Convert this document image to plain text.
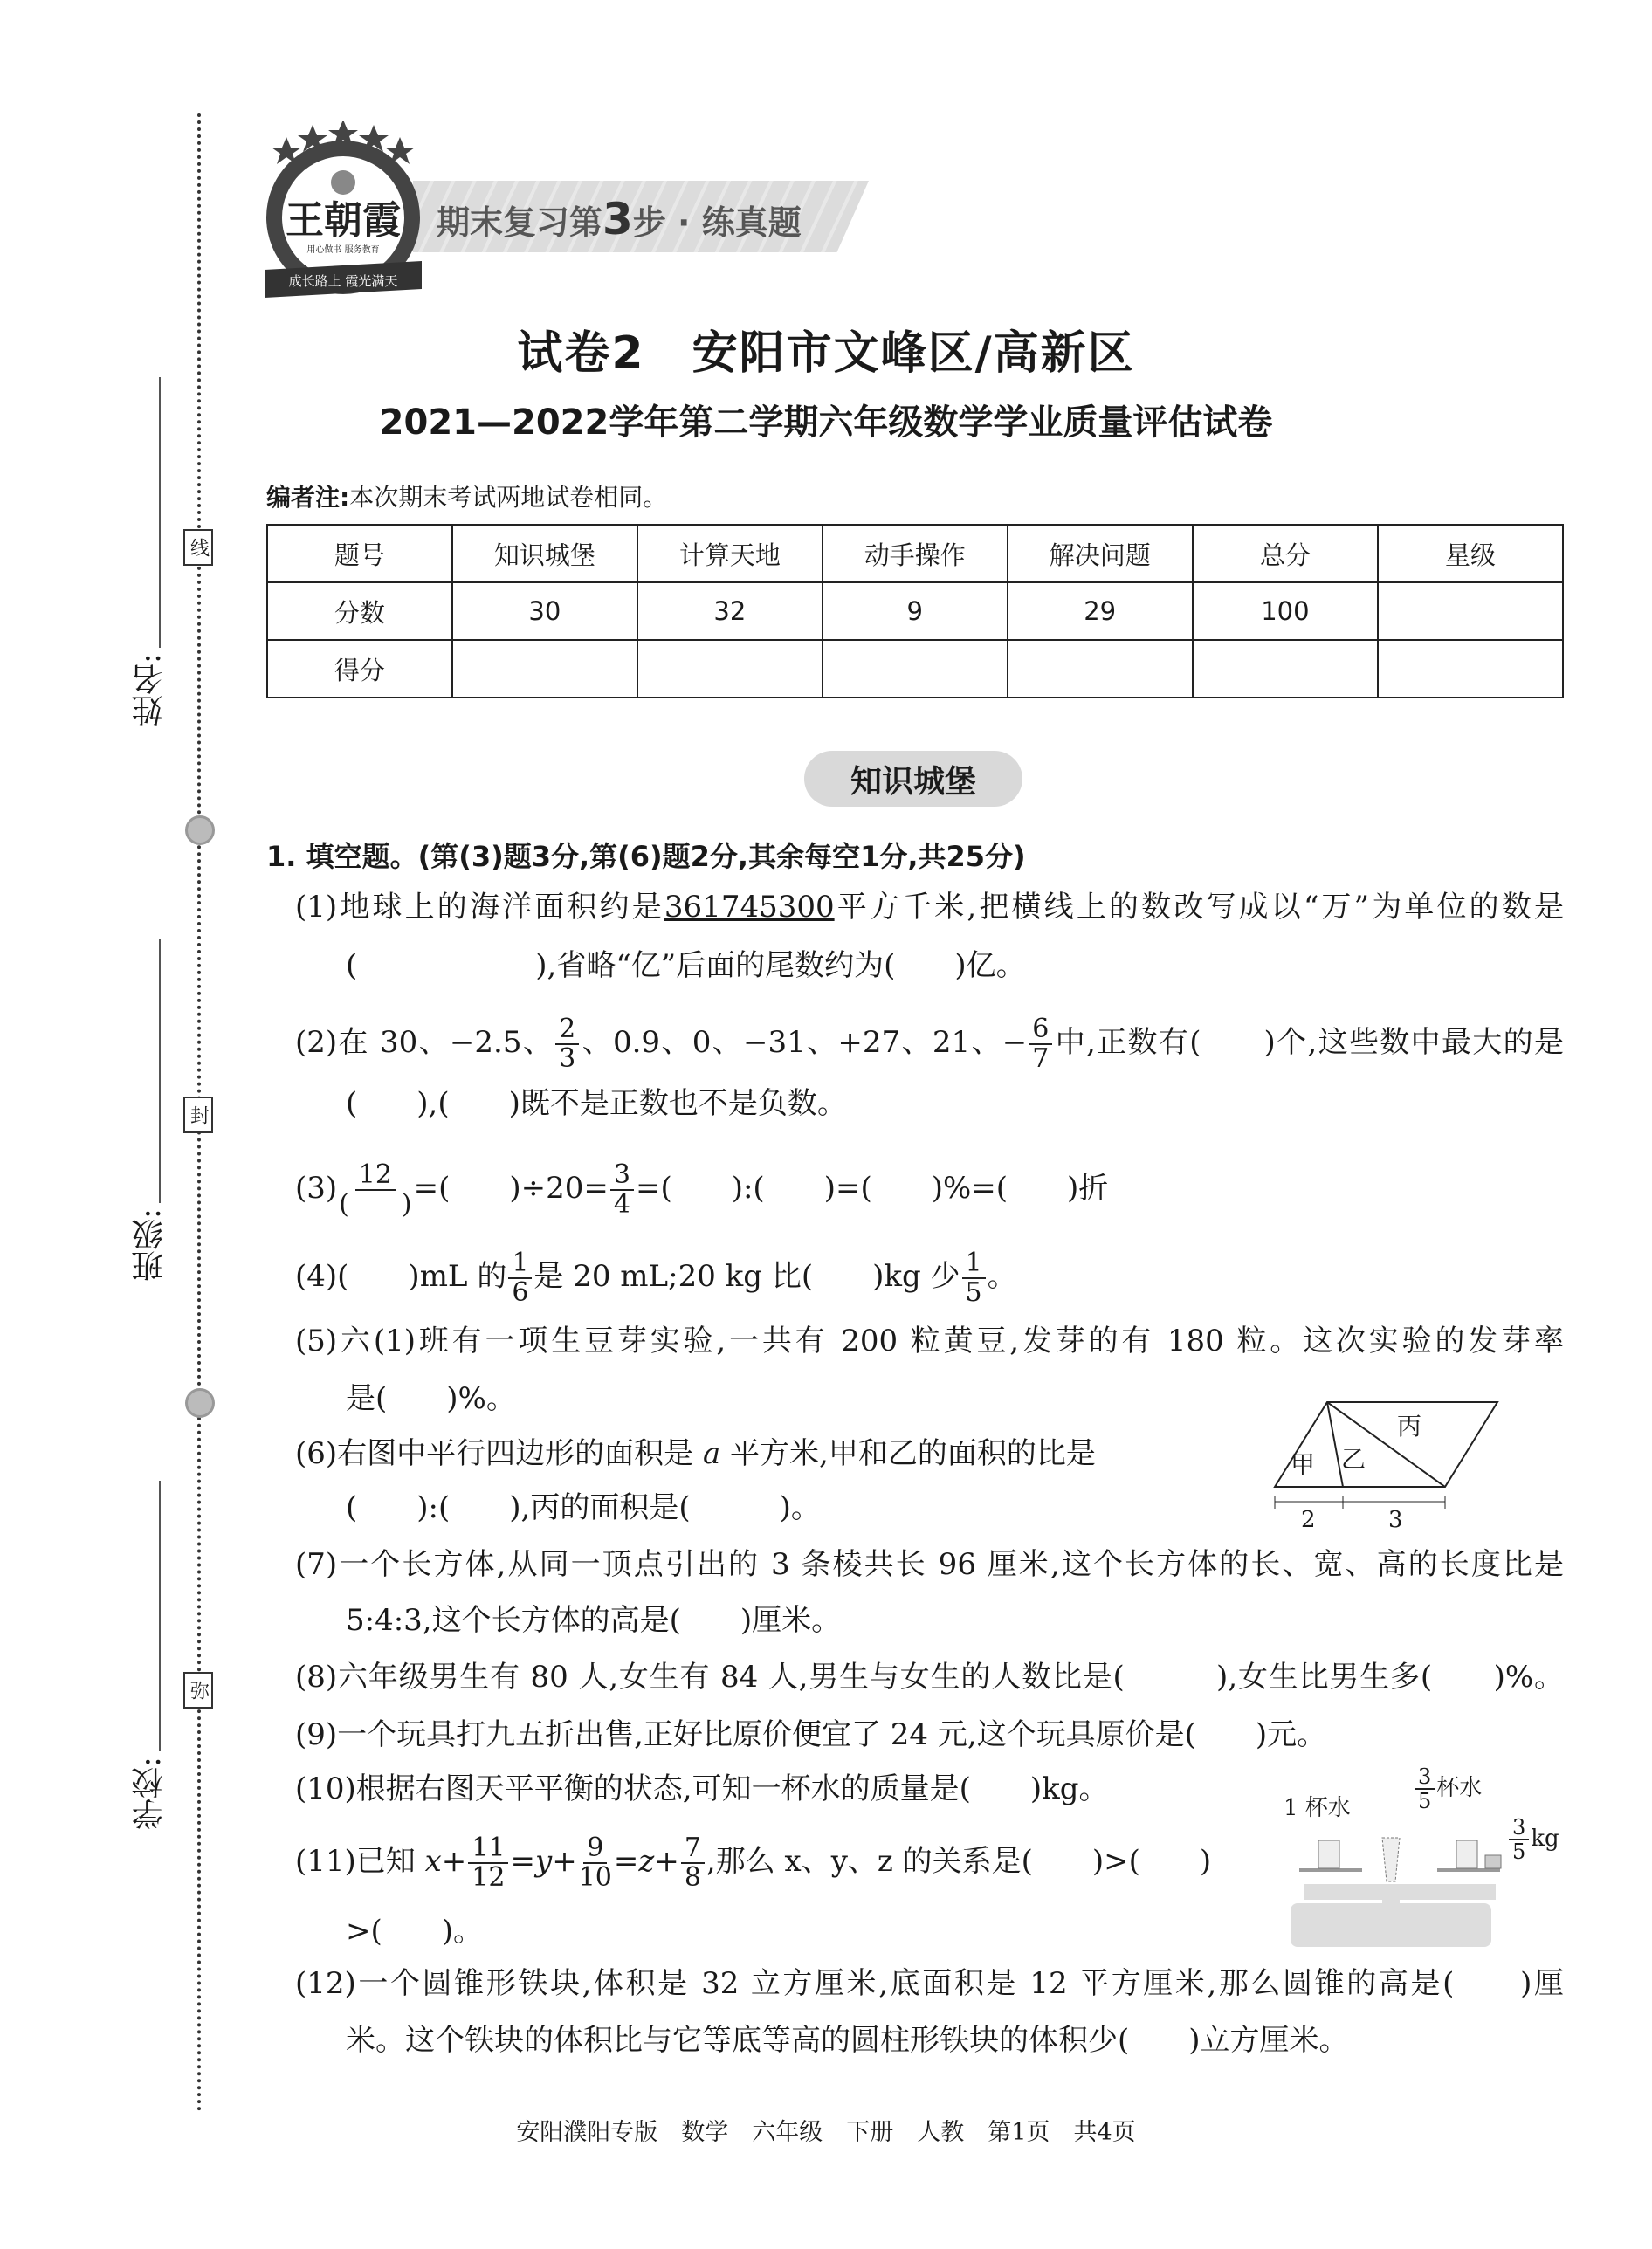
姓名:
班级:
学校:
线
封
弥
期末复习第3步 · 练真题
王朝霞
用心做书 服务教育
成长路上 霞光满天
试卷2　安阳市文峰区/高新区
2021—2022学年第二学期六年级数学学业质量评估试卷
编者注:本次期末考试两地试卷相同。
题号	知识城堡	计算天地	动手操作	解决问题	总分	星级
分数	30	32	9	29	100	
得分						
知识城堡
1. 填空题。(第(3)题3分,第(6)题2分,其余每空1分,共25分)
(1)地球上的海洋面积约是361745300平方千米,把横线上的数改写成以“万”为单位的数是
(　　　　　　),省略“亿”后面的尾数约为(　　)亿。
(2)在 30、−2.5、 $\frac{2}{3}$ 、0.9、0、−31、+27、21、− $\frac{6}{7}$ 中,正数有(　　)个,这些数中最大的是
(　　),(　　)既不是正数也不是负数。
$(3) \frac{12}{( )}$ =(　　)$\div 20= \frac{3}{4}$ =(　　):(　　)=(　　)%=(　　)折
(4)(　　)mL 的 $\frac{1}{6}$ 是 20 mL;20 kg 比(　　)kg 少 $\frac{1}{5}$ 。
(5)六(1)班有一项生豆芽实验,一共有 200 粒黄豆,发芽的有 180 粒。这次实验的发芽率
是(　　)%。
(6)右图中平行四边形的面积是 a 平方米,甲和乙的面积的比是
(　　):(　　),丙的面积是(　　　)。
甲 乙
丙
2	3
(7)一个长方体,从同一顶点引出的 3 条棱共长 96 厘米,这个长方体的长、宽、高的长度比是
5:4:3,这个长方体的高是(　　)厘米。
(8)六年级男生有 80 人,女生有 84 人,男生与女生的人数比是(　　　),女生比男生多(　　)%。
(9)一个玩具打九五折出售,正好比原价便宜了 24 元,这个玩具原价是(　　)元。
(10)根据右图天平平衡的状态,可知一杯水的质量是(　　)kg。
1 杯水	$\frac{3}{5}$ 杯水
$\frac{3}{5}$ kg
(11)已知 $x+ \frac{11}{12} =y+ \frac{9}{10} =z+ \frac{7}{8}$ ,那么 x、y、z 的关系是(　　)>(　　)
>(　　)。
(12)一个圆锥形铁块,体积是 32 立方厘米,底面积是 12 平方厘米,那么圆锥的高是(　　)厘
米。这个铁块的体积比与它等底等高的圆柱形铁块的体积少(　　)立方厘米。
安阳濮阳专版　数学　六年级　下册　人教　第1页　共4页
